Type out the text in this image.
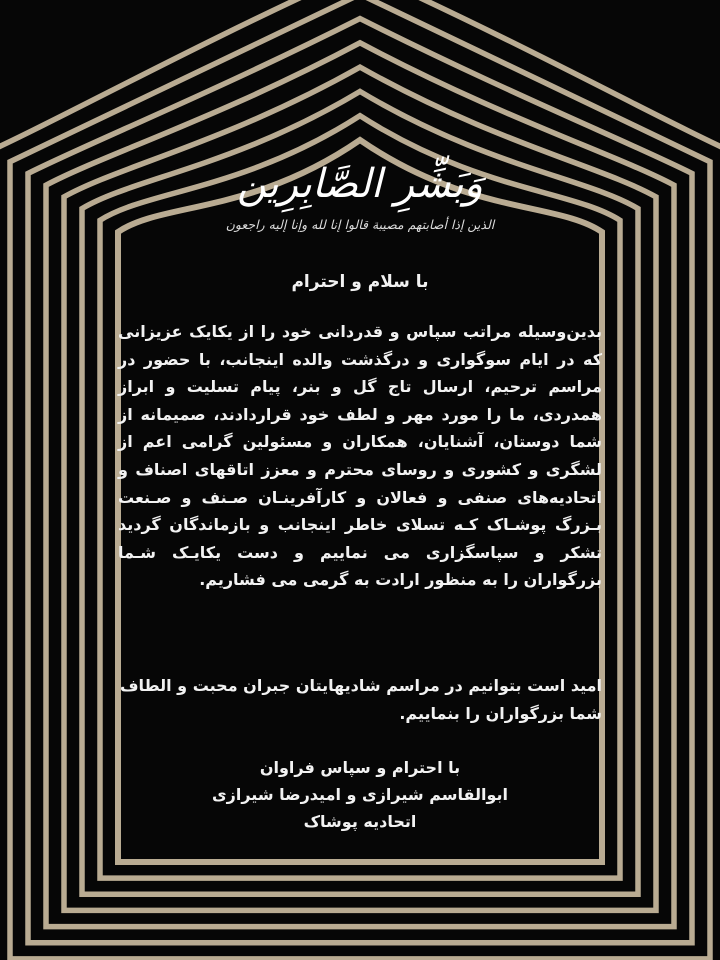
وَبَشِّرِ الصَّابِرِين
الذین إذا أصابتهم مصیبة قالوا إنا لله وإنا إلیه راجعون
با سلام و احترام
بدین‌وسیله مراتب سپاس و قدردانی خود را از یکایک عزیزانی که در ایام سوگواری و درگذشت والده اینجانب، با حضور در مراسم ترحیم، ارسال تاج گل و بنر، پیام تسلیت و ابراز همدردی، ما را مورد مهر و لطف خود قراردادند، صمیمانه از شما دوستان، آشنایان، همکاران و مسئولین گرامی اعم از لشگری و کشوری و روسای محترم و معزز اتاقهای اصناف و اتحادیه‌های صنفی و فعالان و کارآفرینـان صـنف و صـنعت بـزرگ پوشـاک کـه تسلای خاطر اینجانب و بازماندگان گردید تشکر و سپاسگزاری می نماییم و دست یکایـک شـما بزرگواران را به منظور ارادت به گرمی می فشاریم.
امید است بتوانیم در مراسم شادیهایتان جبران محبت و الطاف شما بزرگواران را بنماییم.
با احترام و سپاس فراوان
ابوالقاسم شیرازی و امیدرضا شیرازی
اتحادیه پوشاک
